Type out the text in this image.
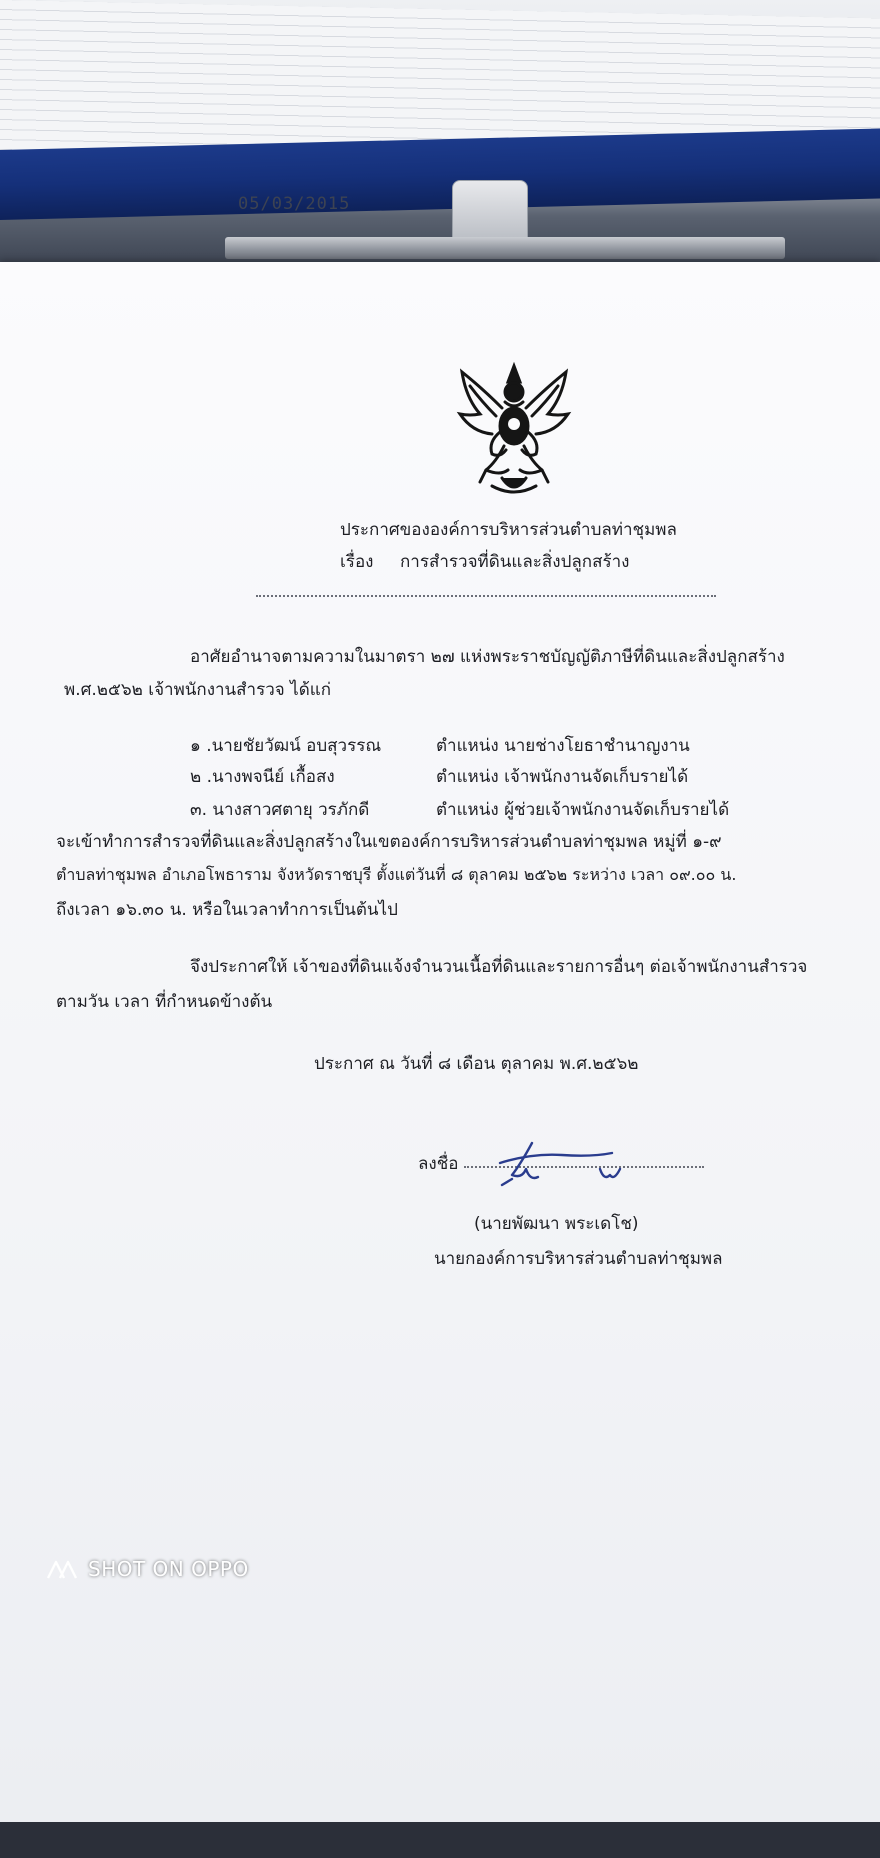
05/03/2015
ประกาศขององค์การบริหารส่วนตำบลท่าชุมพล
เรื่อง การสำรวจที่ดินและสิ่งปลูกสร้าง
อาศัยอำนาจตามความในมาตรา ๒๗ แห่งพระราชบัญญัติภาษีที่ดินและสิ่งปลูกสร้าง
พ.ศ.๒๕๖๒ เจ้าพนักงานสำรวจ ได้แก่
๑ .นายชัยวัฒน์ อบสุวรรณ	ตำแหน่ง นายช่างโยธาชำนาญงาน
๒ .นางพจนีย์ เกื้อสง	ตำแหน่ง เจ้าพนักงานจัดเก็บรายได้
๓. นางสาวศตายุ วรภักดี	ตำแหน่ง ผู้ช่วยเจ้าพนักงานจัดเก็บรายได้
จะเข้าทำการสำรวจที่ดินและสิ่งปลูกสร้างในเขตองค์การบริหารส่วนตำบลท่าชุมพล หมู่ที่ ๑-๙
ตำบลท่าชุมพล อำเภอโพธาราม จังหวัดราชบุรี ตั้งแต่วันที่ ๘ ตุลาคม ๒๕๖๒ ระหว่าง เวลา ๐๙.๐๐ น.
ถึงเวลา ๑๖.๓๐ น. หรือในเวลาทำการเป็นต้นไป
จึงประกาศให้ เจ้าของที่ดินแจ้งจำนวนเนื้อที่ดินและรายการอื่นๆ ต่อเจ้าพนักงานสำรวจ
ตามวัน เวลา ที่กำหนดข้างต้น
ประกาศ ณ วันที่ ๘ เดือน ตุลาคม พ.ศ.๒๕๖๒
ลงชื่อ
(นายพัฒนา พระเดโช)
นายกองค์การบริหารส่วนตำบลท่าชุมพล
SHOT ON OPPO
